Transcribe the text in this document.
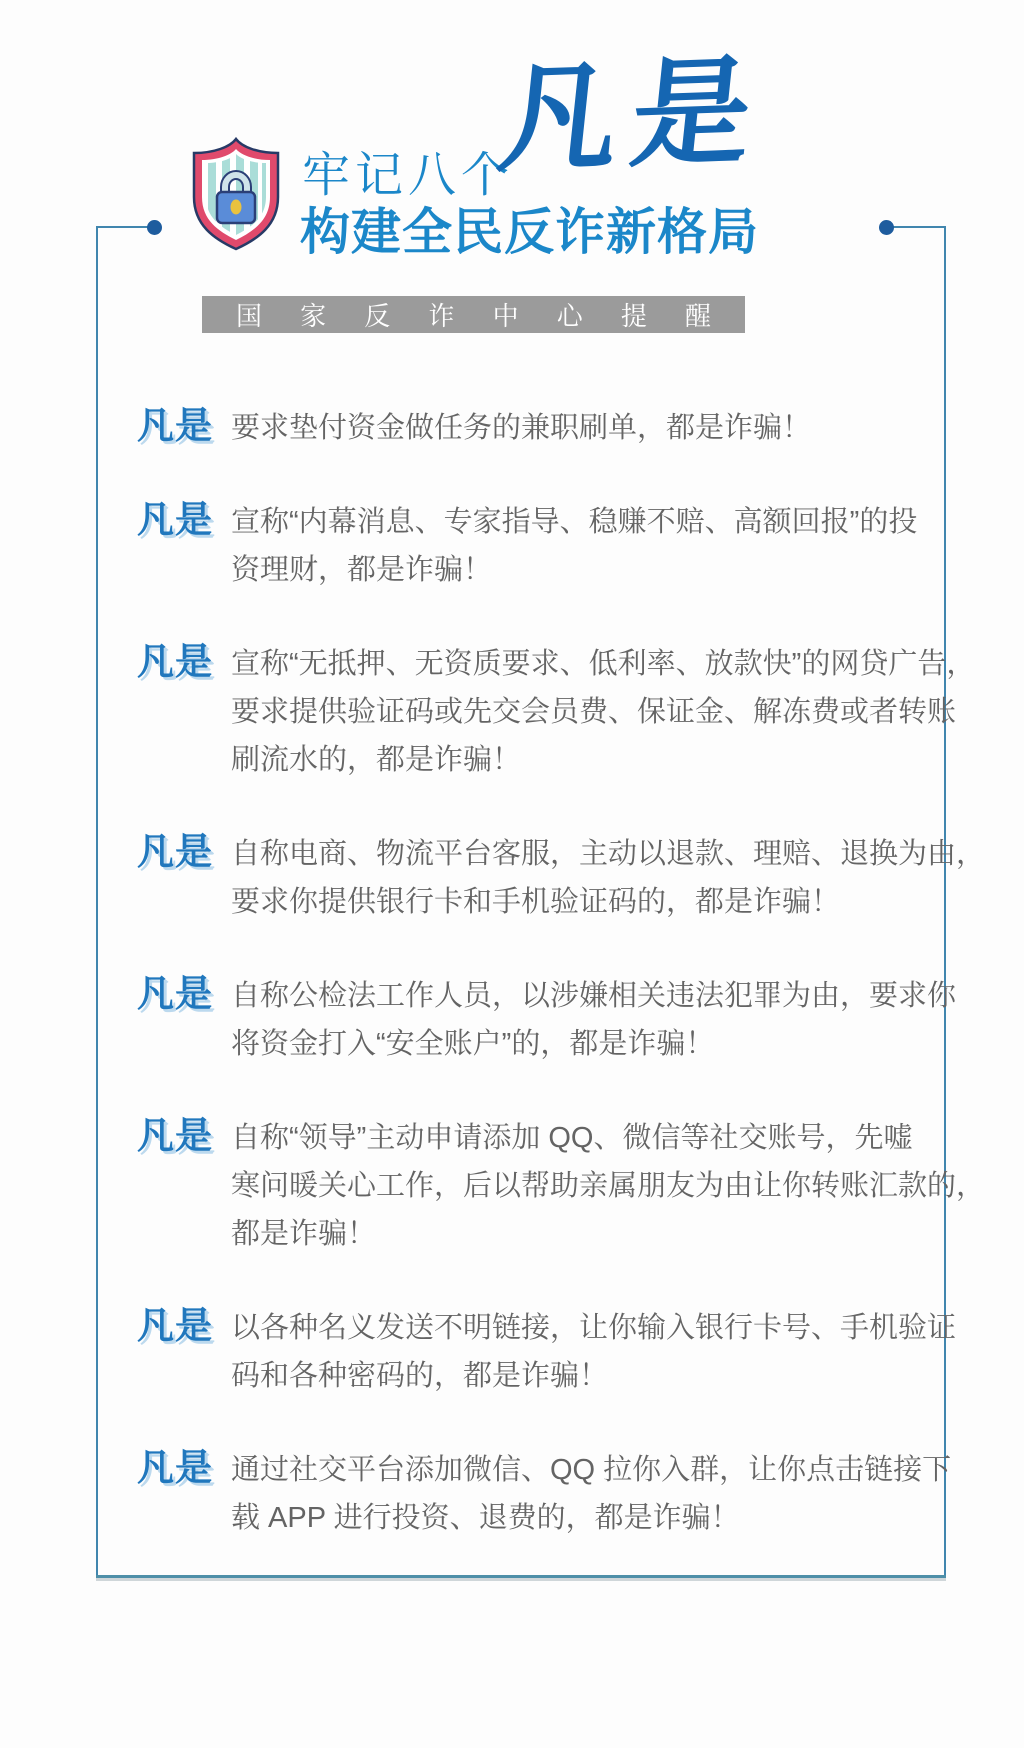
牢记八个
凡是
构建全民反诈新格局
国 家 反 诈 中 心 提 醒
凡是 要求垫付资金做任务的兼职刷单，都是诈骗！
凡是 宣称“内幕消息、专家指导、稳赚不赔、高额回报”的投
资理财，都是诈骗！
凡是 宣称“无抵押、无资质要求、低利率、放款快”的网贷广告，
要求提供验证码或先交会员费、保证金、解冻费或者转账
刷流水的，都是诈骗！
凡是 自称电商、物流平台客服，主动以退款、理赔、退换为由，
要求你提供银行卡和手机验证码的，都是诈骗！
凡是 自称公检法工作人员，以涉嫌相关违法犯罪为由，要求你
将资金打入“安全账户”的，都是诈骗！
凡是 自称“领导”主动申请添加 QQ、微信等社交账号，先嘘
寒问暖关心工作，后以帮助亲属朋友为由让你转账汇款的，
都是诈骗！
凡是 以各种名义发送不明链接，让你输入银行卡号、手机验证
码和各种密码的，都是诈骗！
凡是 通过社交平台添加微信、QQ 拉你入群，让你点击链接下
载 APP 进行投资、退费的，都是诈骗！
